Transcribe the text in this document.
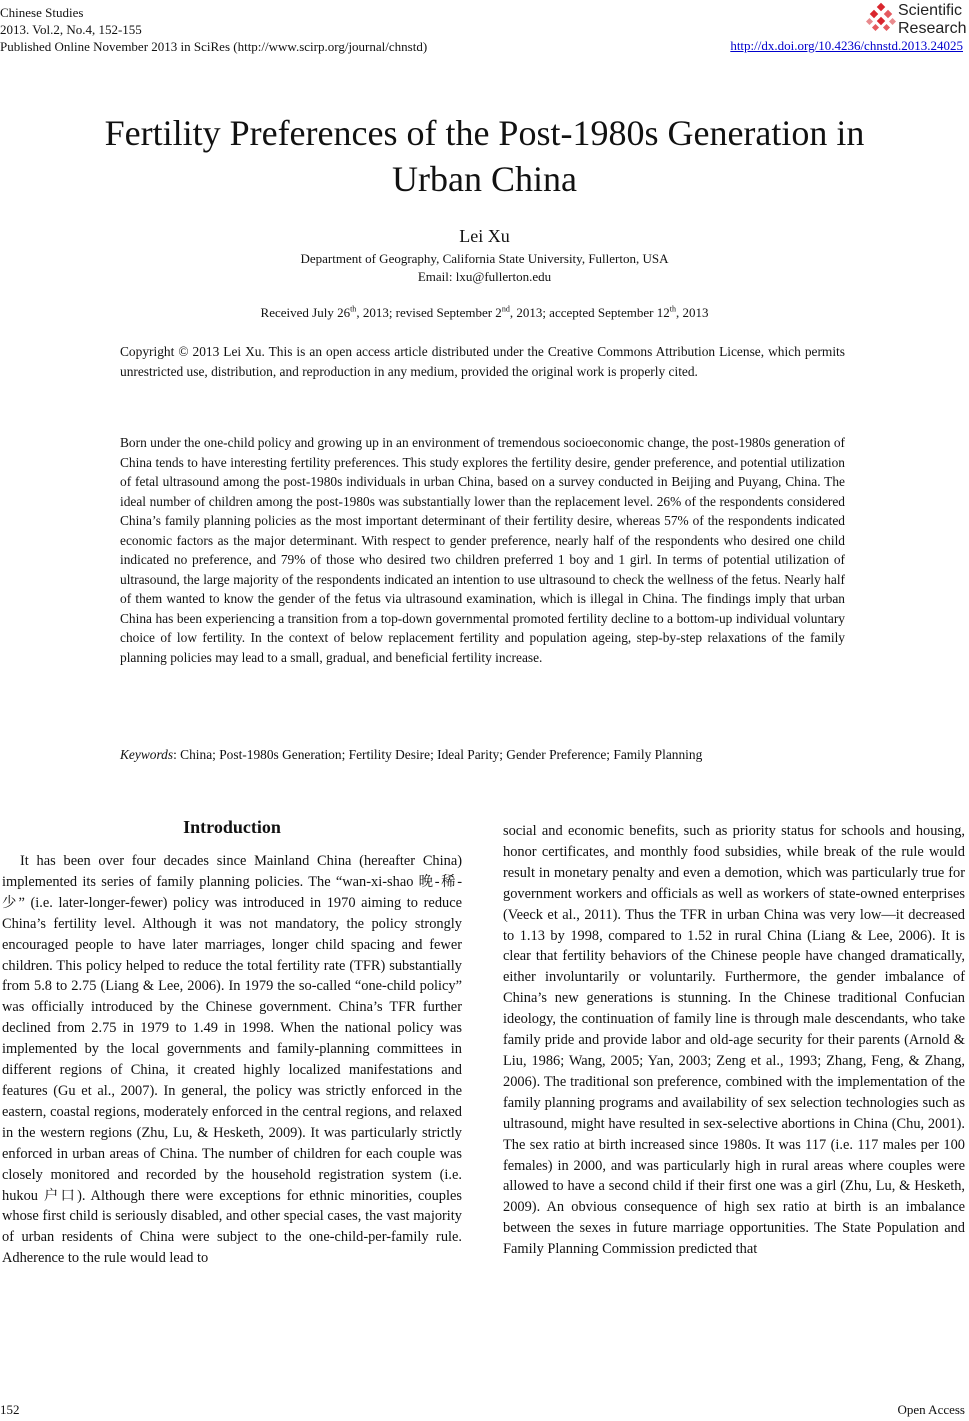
Chinese Studies
2013. Vol.2, No.4, 152-155
Published Online November 2013 in SciRes (http://www.scirp.org/journal/chnstd)	http://dx.doi.org/10.4236/chnstd.2013.24025
Scientific
Research
Fertility Preferences of the Post-1980s Generation in Urban China
Lei Xu
Department of Geography, California State University, Fullerton, USA
Email: lxu@fullerton.edu
Received July 26th, 2013; revised September 2nd, 2013; accepted September 12th, 2013
Copyright © 2013 Lei Xu. This is an open access article distributed under the Creative Commons Attribution License, which permits unrestricted use, distribution, and reproduction in any medium, provided the original work is properly cited.
Born under the one-child policy and growing up in an environment of tremendous socioeconomic change, the post-1980s generation of China tends to have interesting fertility preferences. This study explores the fertility desire, gender preference, and potential utilization of fetal ultrasound among the post-1980s individuals in urban China, based on a survey conducted in Beijing and Puyang, China. The ideal number of children among the post-1980s was substantially lower than the replacement level. 26% of the respondents considered China’s family planning policies as the most important determinant of their fertility desire, whereas 57% of the respondents indicated economic factors as the major determinant. With respect to gender preference, nearly half of the respondents who desired one child indicated no preference, and 79% of those who desired two children preferred 1 boy and 1 girl. In terms of potential utilization of ultrasound, the large majority of the respondents indicated an intention to use ultrasound to check the wellness of the fetus. Nearly half of them wanted to know the gender of the fetus via ultrasound examination, which is illegal in China. The findings imply that urban China has been experiencing a transition from a top-down governmental promoted fertility decline to a bottom-up individual voluntary choice of low fertility. In the context of below replacement fertility and population ageing, step-by-step relaxations of the family planning policies may lead to a small, gradual, and beneficial fertility increase.
Keywords : China; Post-1980s Generation; Fertility Desire; Ideal Parity; Gender Preference; Family Planning
Introduction
It has been over four decades since Mainland China (hereafter China) implemented its series of family planning policies. The “wan-xi-shao 晚-稀-少” (i.e. later-longer-fewer) policy was introduced in 1970 aiming to reduce China’s fertility level. Although it was not mandatory, the policy strongly encouraged people to have later marriages, longer child spacing and fewer children. This policy helped to reduce the total fertility rate (TFR) substantially from 5.8 to 2.75 (Liang & Lee, 2006). In 1979 the so-called “one-child policy” was officially introduced by the Chinese government. China’s TFR further declined from 2.75 in 1979 to 1.49 in 1998. When the national policy was implemented by the local governments and family-planning committees in different regions of China, it created highly localized manifestations and features (Gu et al., 2007). In general, the policy was strictly enforced in the eastern, coastal regions, moderately enforced in the central regions, and relaxed in the western regions (Zhu, Lu, & Hesketh, 2009). It was particularly strictly enforced in urban areas of China. The number of children for each couple was closely monitored and recorded by the household registration system (i.e. hukou 户口). Although there were exceptions for ethnic minorities, couples whose first child is seriously disabled, and other special cases, the vast majority of urban residents of China were subject to the one-child-per-family rule. Adherence to the rule would lead to
social and economic benefits, such as priority status for schools and housing, honor certificates, and monthly food subsidies, while break of the rule would result in monetary penalty and even a demotion, which was particularly true for government workers and officials as well as workers of state-owned enterprises (Veeck et al., 2011). Thus the TFR in urban China was very low—it decreased to 1.13 by 1998, compared to 1.52 in rural China (Liang & Lee, 2006). It is clear that fertility behaviors of the Chinese people have changed dramatically, either involuntarily or voluntarily. Furthermore, the gender imbalance of China’s new generations is stunning. In the Chinese traditional Confucian ideology, the continuation of family line is through male descendants, who take family pride and provide labor and old-age security for their parents (Arnold & Liu, 1986; Wang, 2005; Yan, 2003; Zeng et al., 1993; Zhang, Feng, & Zhang, 2006). The traditional son preference, combined with the implementation of the family planning programs and availability of sex selection technologies such as ultrasound, might have resulted in sex-selective abortions in China (Chu, 2001). The sex ratio at birth increased since 1980s. It was 117 (i.e. 117 males per 100 females) in 2000, and was particularly high in rural areas where couples were allowed to have a second child if their first one was a girl (Zhu, Lu, & Hesketh, 2009). An obvious consequence of high sex ratio at birth is an imbalance between the sexes in future marriage opportunities. The State Population and Family Planning Commission predicted that
152	Open Access
